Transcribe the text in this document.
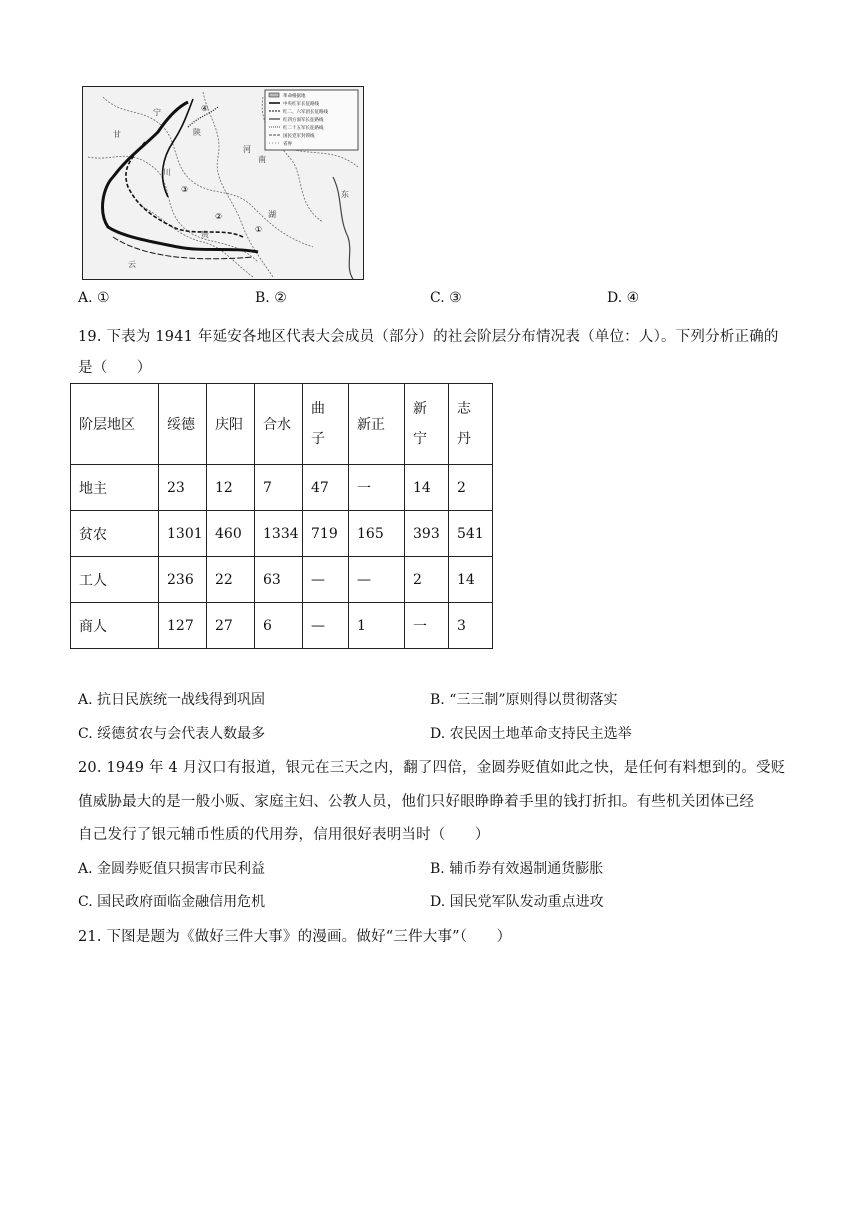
革命根据地
中央红军长征路线
红二、六军团长征路线
红四方面军长征路线
红二十五军长征路线
国民党军封锁线
省界
陕
甘
宁
河
南
川
贵
湖
云
东
①
②
③
④
A. ①	B. ②	C. ③	D. ④
19. 下表为 1941 年延安各地区代表大会成员（部分）的社会阶层分布情况表（单位：人）。下列分析正确的
是（　　）
阶层地区	绥德	庆阳	合水	曲子	新正	新宁	志丹

地主	23	12	7	47	一	14	2
贫农	1301	460	1334	719	165	393	541
工人	236	22	63	—	—	2	14
商人	127	27	6	—	1	一	3
A. 抗日民族统一战线得到巩固	B. “三三制”原则得以贯彻落实
C. 绥德贫农与会代表人数最多	D. 农民因土地革命支持民主选举
20. 1949 年 4 月汉口有报道，银元在三天之内，翻了四倍，金圆券贬值如此之快，是任何有料想到的。受贬
值威胁最大的是一般小贩、家庭主妇、公教人员，他们只好眼睁睁着手里的钱打折扣。有些机关团体已经
自己发行了银元辅币性质的代用券，信用很好表明当时（　　）
A. 金圆券贬值只损害市民利益	B. 辅币券有效遏制通货膨胀
C. 国民政府面临金融信用危机	D. 国民党军队发动重点进攻
21. 下图是题为《做好三件大事》的漫画。做好“三件大事”（　　）
